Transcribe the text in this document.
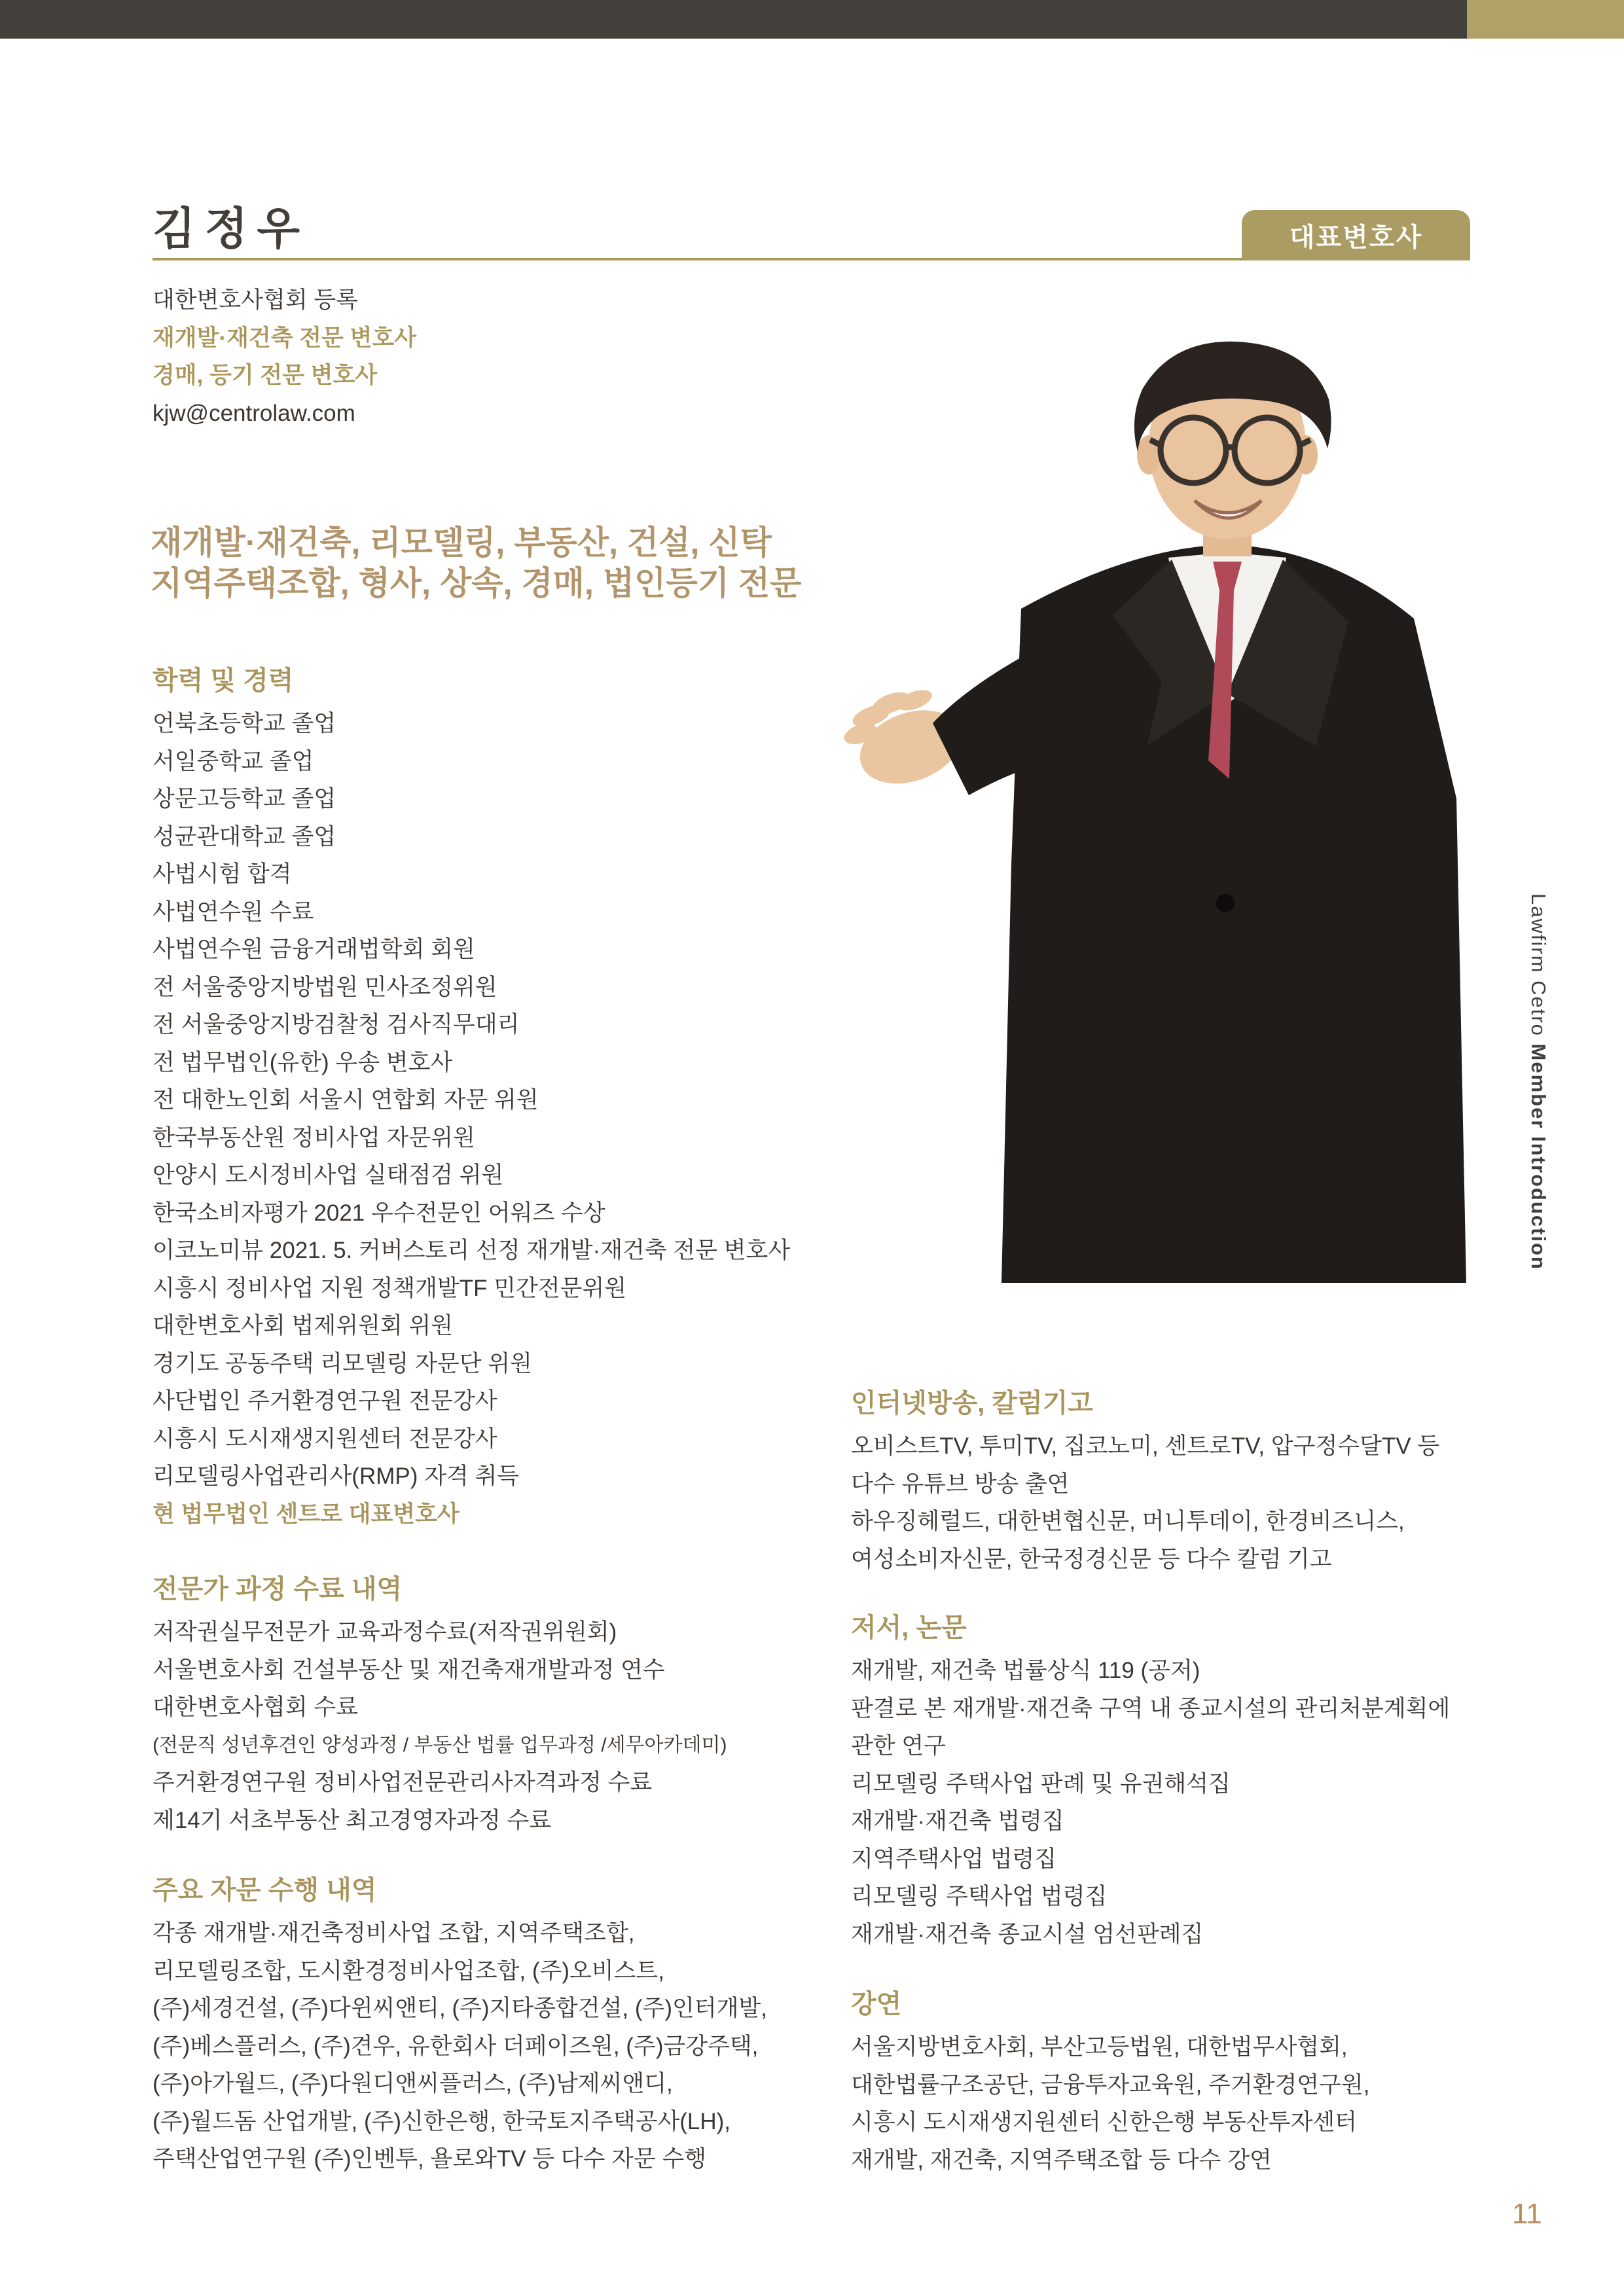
김정우	대표변호사
대한변호사협회 등록
재개발·재건축 전문 변호사
경매, 등기 전문 변호사
kjw@centrolaw.com
재개발·재건축, 리모델링, 부동산, 건설, 신탁
지역주택조합, 형사, 상속, 경매, 법인등기 전문
학력 및 경력
언북초등학교 졸업
서일중학교 졸업
상문고등학교 졸업
성균관대학교 졸업
사법시험 합격
사법연수원 수료
사법연수원 금융거래법학회 회원
전 서울중앙지방법원 민사조정위원
전 서울중앙지방검찰청 검사직무대리
전 법무법인(유한) 우송 변호사
전 대한노인회 서울시 연합회 자문 위원
한국부동산원 정비사업 자문위원
안양시 도시정비사업 실태점검 위원
한국소비자평가 2021 우수전문인 어워즈 수상
이코노미뷰 2021. 5. 커버스토리 선정 재개발·재건축 전문 변호사
시흥시 정비사업 지원 정책개발TF 민간전문위원
대한변호사회 법제위원회 위원
경기도 공동주택 리모델링 자문단 위원
사단법인 주거환경연구원 전문강사
시흥시 도시재생지원센터 전문강사
리모델링사업관리사(RMP) 자격 취득
현 법무법인 센트로 대표변호사
전문가 과정 수료 내역
저작권실무전문가 교육과정수료(저작권위원회)
서울변호사회 건설부동산 및 재건축재개발과정 연수
대한변호사협회 수료
(전문직 성년후견인 양성과정 / 부동산 법률 업무과정 /세무아카데미)
주거환경연구원 정비사업전문관리사자격과정 수료
제14기 서초부동산 최고경영자과정 수료
주요 자문 수행 내역
각종 재개발·재건축정비사업 조합, 지역주택조합,
리모델링조합, 도시환경정비사업조합, (주)오비스트,
(주)세경건설, (주)다윈씨앤티, (주)지타종합건설, (주)인터개발,
(주)베스플러스, (주)견우, 유한회사 더페이즈원, (주)금강주택,
(주)아가월드, (주)다원디앤씨플러스, (주)남제씨앤디,
(주)월드돔 산업개발, (주)신한은행, 한국토지주택공사(LH),
주택산업연구원 (주)인벤투, 욜로와TV 등 다수 자문 수행
인터넷방송, 칼럼기고
오비스트TV, 투미TV, 집코노미, 센트로TV, 압구정수달TV 등
다수 유튜브 방송 출연
하우징헤럴드, 대한변협신문, 머니투데이, 한경비즈니스,
여성소비자신문, 한국정경신문 등 다수 칼럼 기고
저서, 논문
재개발, 재건축 법률상식 119 (공저)
판결로 본 재개발·재건축 구역 내 종교시설의 관리처분계획에
관한 연구
리모델링 주택사업 판례 및 유권해석집
재개발·재건축 법령집
지역주택사업 법령집
리모델링 주택사업 법령집
재개발·재건축 종교시설 엄선판례집
강연
서울지방변호사회, 부산고등법원, 대한법무사협회,
대한법률구조공단, 금융투자교육원, 주거환경연구원,
시흥시 도시재생지원센터 신한은행 부동산투자센터
재개발, 재건축, 지역주택조합 등 다수 강연
Lawfirm Cetro Member Introduction
11
